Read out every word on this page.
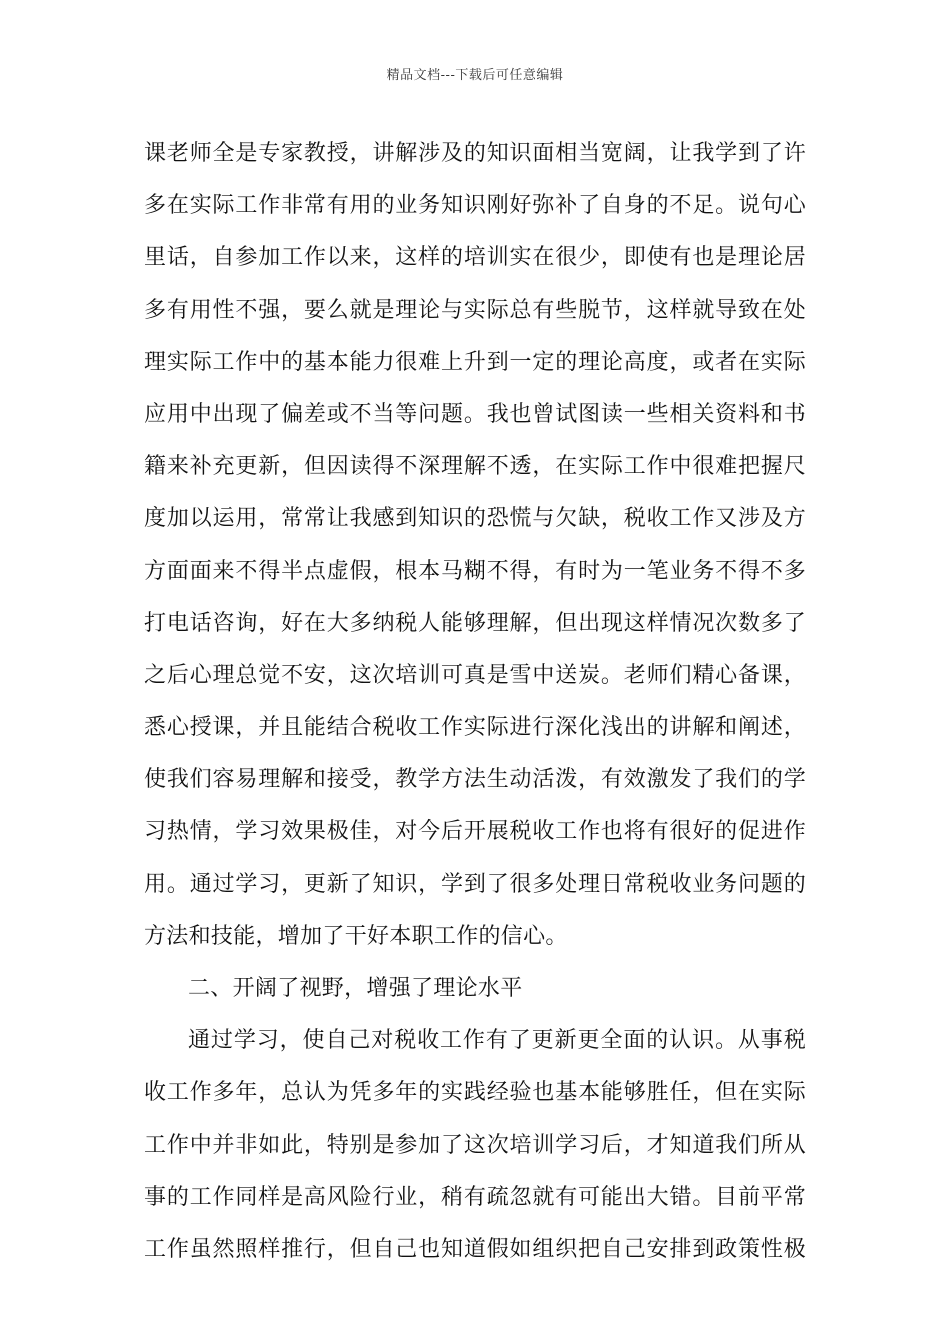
精品文档---下载后可任意编辑
课老师全是专家教授，讲解涉及的知识面相当宽阔，让我学到了许
多在实际工作非常有用的业务知识刚好弥补了自身的不足。说句心
里话，自参加工作以来，这样的培训实在很少，即使有也是理论居
多有用性不强，要么就是理论与实际总有些脱节，这样就导致在处
理实际工作中的基本能力很难上升到一定的理论高度，或者在实际
应用中出现了偏差或不当等问题。我也曾试图读一些相关资料和书
籍来补充更新，但因读得不深理解不透，在实际工作中很难把握尺
度加以运用，常常让我感到知识的恐慌与欠缺，税收工作又涉及方
方面面来不得半点虚假，根本马糊不得，有时为一笔业务不得不多
打电话咨询，好在大多纳税人能够理解，但出现这样情况次数多了
之后心理总觉不安，这次培训可真是雪中送炭。老师们精心备课，
悉心授课，并且能结合税收工作实际进行深化浅出的讲解和阐述，
使我们容易理解和接受，教学方法生动活泼，有效激发了我们的学
习热情，学习效果极佳，对今后开展税收工作也将有很好的促进作
用。通过学习，更新了知识，学到了很多处理日常税收业务问题的
方法和技能，增加了干好本职工作的信心。
二、开阔了视野，增强了理论水平
通过学习，使自己对税收工作有了更新更全面的认识。从事税
收工作多年，总认为凭多年的实践经验也基本能够胜任，但在实际
工作中并非如此，特别是参加了这次培训学习后，才知道我们所从
事的工作同样是高风险行业，稍有疏忽就有可能出大错。目前平常
工作虽然照样推行，但自己也知道假如组织把自己安排到政策性极
